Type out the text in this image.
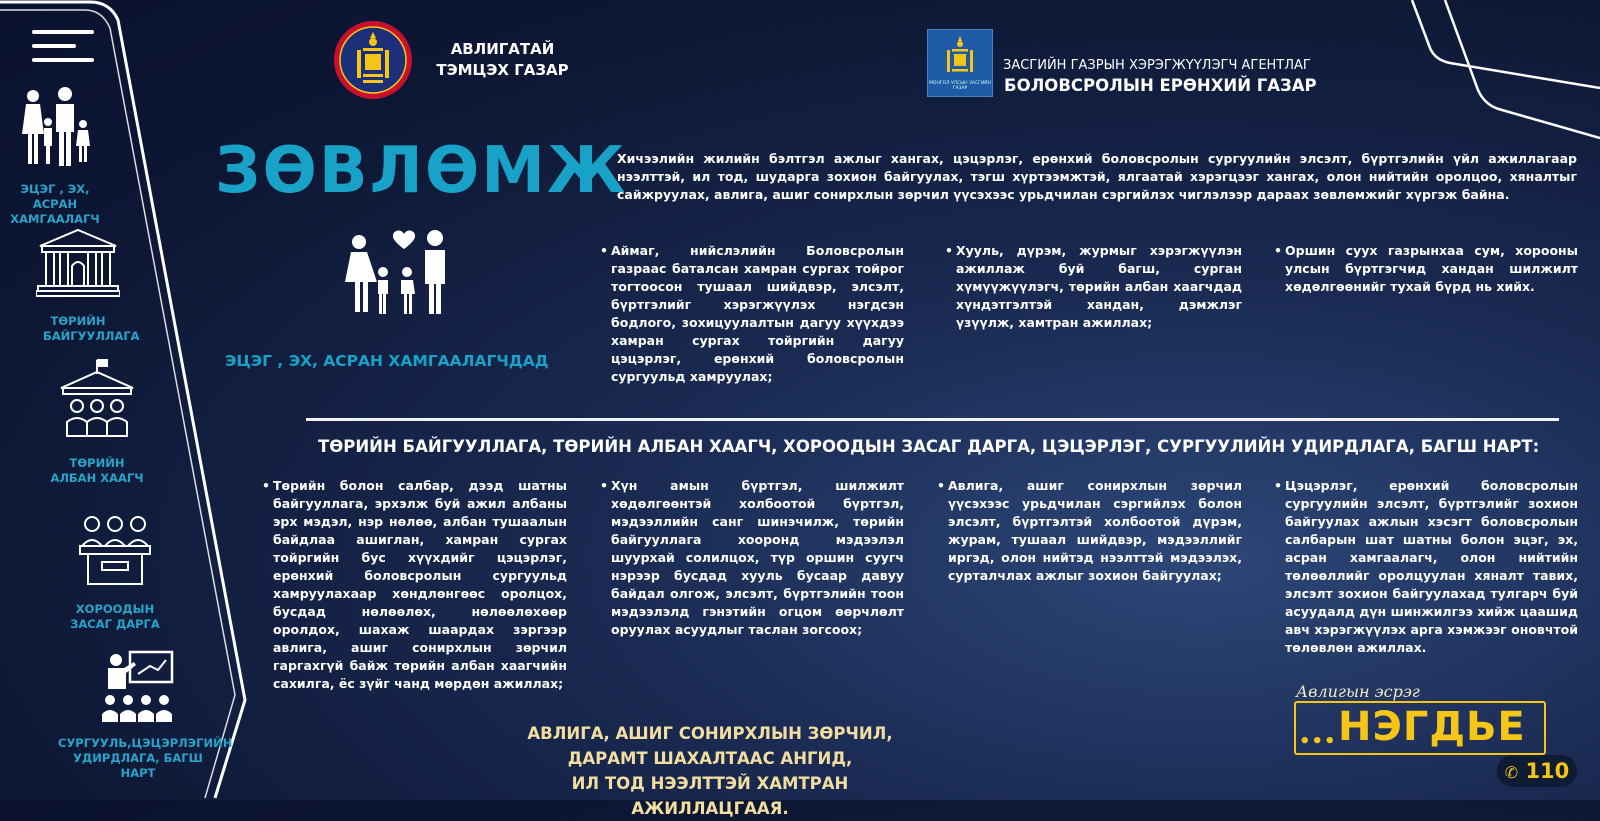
ЭЦЭГ , ЭХ, АСРАН ХАМГААЛАГЧ
ТӨРИЙН БАЙГУУЛЛАГА
ТӨРИЙН АЛБАН ХААГЧ
ХОРООДЫН ЗАСАГ ДАРГА
СУРГУУЛЬ,ЦЭЦЭРЛЭГИЙН УДИРДЛАГА, БАГШ НАРТ
АВЛИГАТАЙ ТЭМЦЭХ ГАЗАР
МОНГОЛ УЛСЫН ЗАСГИЙН ГАЗАР
ЗАСГИЙН ГАЗРЫН ХЭРЭГЖҮҮЛЭГЧ АГЕНТЛАГ
БОЛОВСРОЛЫН ЕРӨНХИЙ ГАЗАР
ЗӨВЛӨМЖ
Хичээлийн жилийн бэлтгэл ажлыг хангах, цэцэрлэг, ерөнхий боловсролын сургуулийн элсэлт, бүртгэлийн үйл ажиллагаар нээлттэй, ил тод, шударга зохион байгуулах, тэгш хүртээмжтэй, ялгаатай хэрэгцээг хангах, олон нийтийн оролцоо, хяналтыг сайжруулах, авлига, ашиг сонирхлын зөрчил үүсэхээс урьдчилан сэргийлэх чиглэлээр дараах зөвлөмжийг хүргэж байна.
ЭЦЭГ , ЭХ, АСРАН ХАМГААЛАГЧДАД
• Аймаг, нийслэлийн Боловсролын газраас баталсан хамран сургах тойрог тогтоосон тушаал шийдвэр, элсэлт, бүртгэлийг хэрэгжүүлэх нэгдсэн бодлого, зохицуулалтын дагуу хүүхдээ хамран сургах тойргийн дагуу цэцэрлэг, ерөнхий боловсролын сургуульд хамруулах;
• Хууль, дүрэм, журмыг хэрэгжүүлэн ажиллаж буй багш, сурган хүмүүжүүлэгч, төрийн албан хаагчдад хүндэтгэлтэй хандан, дэмжлэг үзүүлж, хамтран ажиллах;
• Оршин суух газрынхаа сум, хорооны улсын бүртгэгчид хандан шилжилт хөдөлгөөнийг тухай бүрд нь хийх.
ТӨРИЙН БАЙГУУЛЛАГА, ТӨРИЙН АЛБАН ХААГЧ, ХОРООДЫН ЗАСАГ ДАРГА, ЦЭЦЭРЛЭГ, СУРГУУЛИЙН УДИРДЛАГА, БАГШ НАРТ:
• Төрийн болон салбар, дээд шатны байгууллага, эрхэлж буй ажил албаны эрх мэдэл, нэр нөлөө, албан тушаалын байдлаа ашиглан, хамран сургах тойргийн бус хүүхдийг цэцэрлэг, ерөнхий боловсролын сургуульд хамруулахаар хөндлөнгөөс оролцох, бусдад нөлөөлөх, нөлөөлөхөөр оролдох, шахаж шаардах зэргээр авлига, ашиг сонирхлын зөрчил гаргахгүй байж төрийн албан хаагчийн сахилга, ёс зүйг чанд мөрдөн ажиллах;
• Хүн амын бүртгэл, шилжилт хөдөлгөөнтэй холбоотой бүртгэл, мэдээллийн санг шинэчилж, төрийн байгууллага хооронд мэдээлэл шуурхай солилцох, түр оршин суугч нэрээр бусдад хууль бусаар давуу байдал олгож, элсэлт, бүртгэлийн тоон мэдээлэлд гэнэтийн огцом өөрчлөлт оруулах асуудлыг таслан зогсоох;
• Авлига, ашиг сонирхлын зөрчил үүсэхээс урьдчилан сэргийлэх болон элсэлт, бүртгэлтэй холбоотой дүрэм, журам, тушаал шийдвэр, мэдээллийг иргэд, олон нийтэд нээлттэй мэдээлэх, сурталчлах ажлыг зохион байгуулах;
• Цэцэрлэг, ерөнхий боловсролын сургуулийн элсэлт, бүртгэлийг зохион байгуулах ажлын хэсэгт боловсролын салбарын шат шатны болон эцэг, эх, асран хамгаалагч, олон нийтийн төлөөллийг оролцуулан хяналт тавих, элсэлт зохион байгуулахад тулгарч буй асуудалд дүн шинжилгээ хийж цаашид авч хэрэгжүүлэх арга хэмжээг оновчтой төлөвлөн ажиллах.
АВЛИГА, АШИГ СОНИРХЛЫН ЗӨРЧИЛ, ДАРАМТ ШАХАЛТААС АНГИД,
ИЛ ТОД НЭЭЛТТЭЙ ХАМТРАН АЖИЛЛАЦГААЯ.
Авлигын эсрэг
••• НЭГДЬЕ
✆ 110
